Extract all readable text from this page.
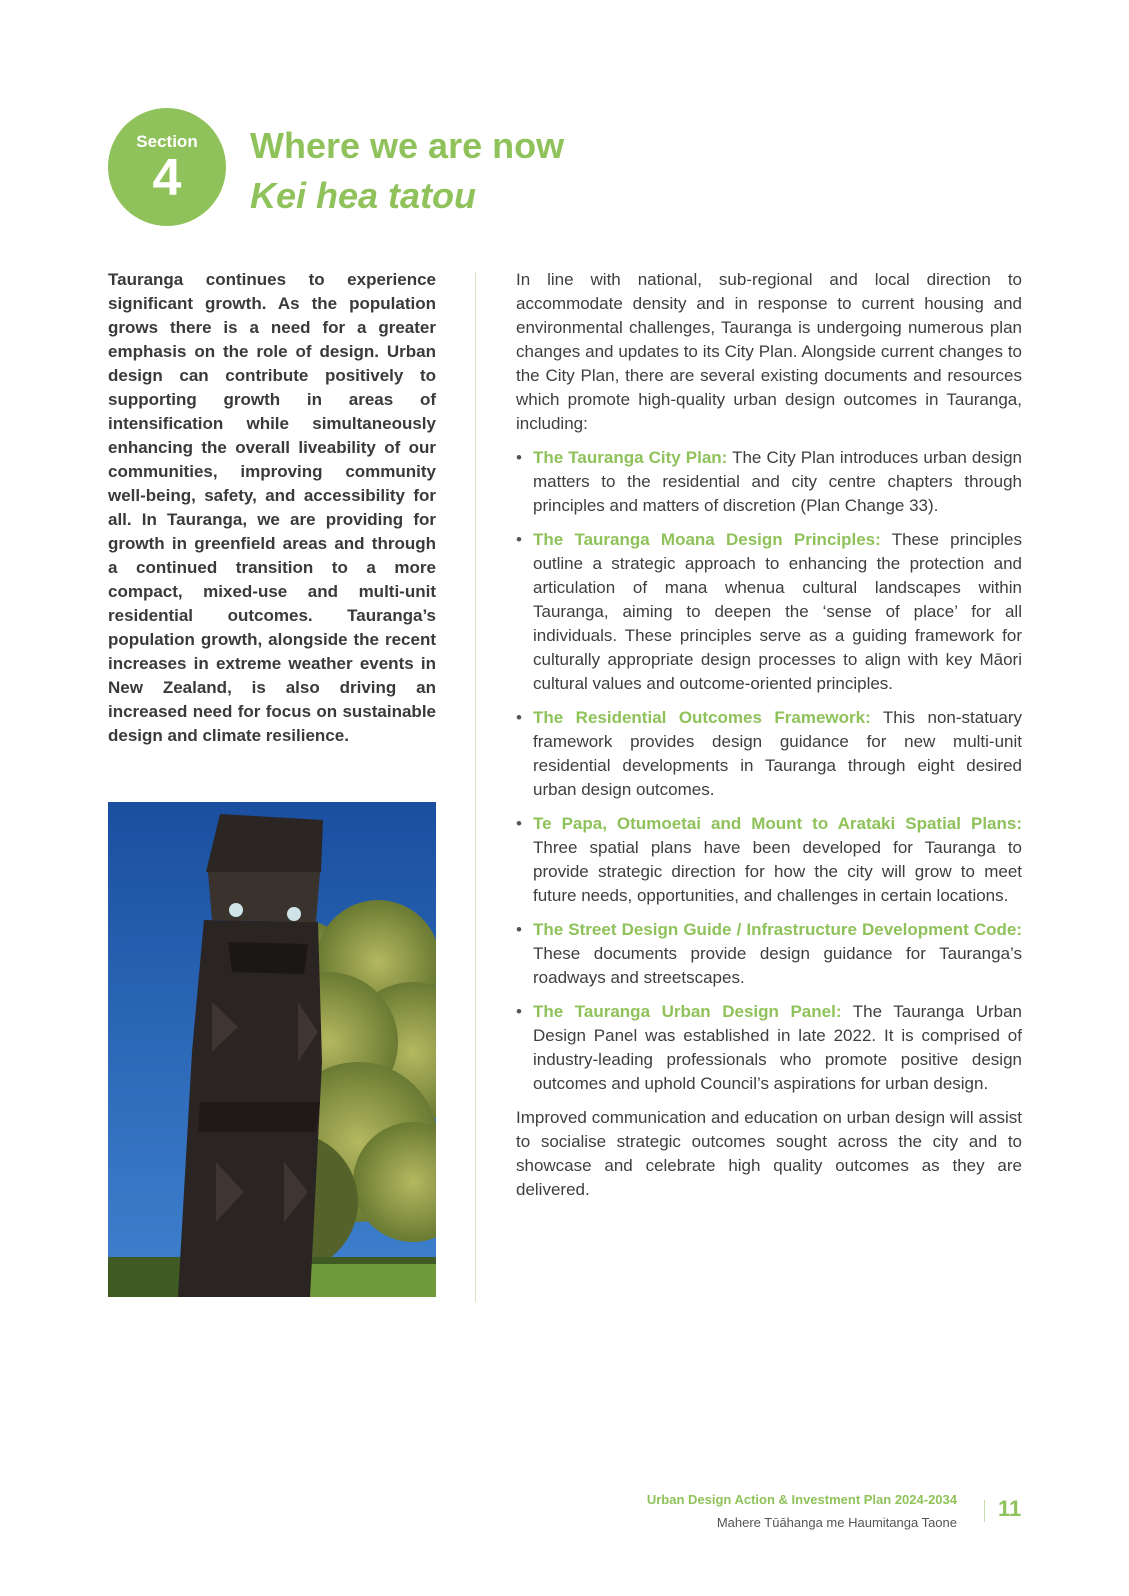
Section
4
Where we are now
Kei hea tatou

Tauranga continues to experience significant growth. As the population grows there is a need for a greater emphasis on the role of design. Urban design can contribute positively to supporting growth in areas of intensification while simultaneously enhancing the overall liveability of our communities, improving community well-being, safety, and accessibility for all. In Tauranga, we are providing for growth in greenfield areas and through a continued transition to a more compact, mixed-use and multi-unit residential outcomes. Tauranga’s population growth, alongside the recent increases in extreme weather events in New Zealand, is also driving an increased need for focus on sustainable design and climate resilience.

In line with national, sub-regional and local direction to accommodate density and in response to current housing and environmental challenges, Tauranga is undergoing numerous plan changes and updates to its City Plan. Alongside current changes to the City Plan, there are several existing documents and resources which promote high-quality urban design outcomes in Tauranga, including:

• The Tauranga City Plan: The City Plan introduces urban design matters to the residential and city centre chapters through principles and matters of discretion (Plan Change 33).
• The Tauranga Moana Design Principles: These principles outline a strategic approach to enhancing the protection and articulation of mana whenua cultural landscapes within Tauranga, aiming to deepen the ‘sense of place’ for all individuals. These principles serve as a guiding framework for culturally appropriate design processes to align with key Māori cultural values and outcome-oriented principles.
• The Residential Outcomes Framework: This non-statuary framework provides design guidance for new multi-unit residential developments in Tauranga through eight desired urban design outcomes.
• Te Papa, Otumoetai and Mount to Arataki Spatial Plans: Three spatial plans have been developed for Tauranga to provide strategic direction for how the city will grow to meet future needs, opportunities, and challenges in certain locations.
• The Street Design Guide / Infrastructure Development Code: These documents provide design guidance for Tauranga’s roadways and streetscapes.
• The Tauranga Urban Design Panel: The Tauranga Urban Design Panel was established in late 2022. It is comprised of industry-leading professionals who promote positive design outcomes and uphold Council’s aspirations for urban design.

Improved communication and education on urban design will assist to socialise strategic outcomes sought across the city and to showcase and celebrate high quality outcomes as they are delivered.

Urban Design Action & Investment Plan 2024-2034
Mahere Tūāhanga me Haumitanga Taone
11
